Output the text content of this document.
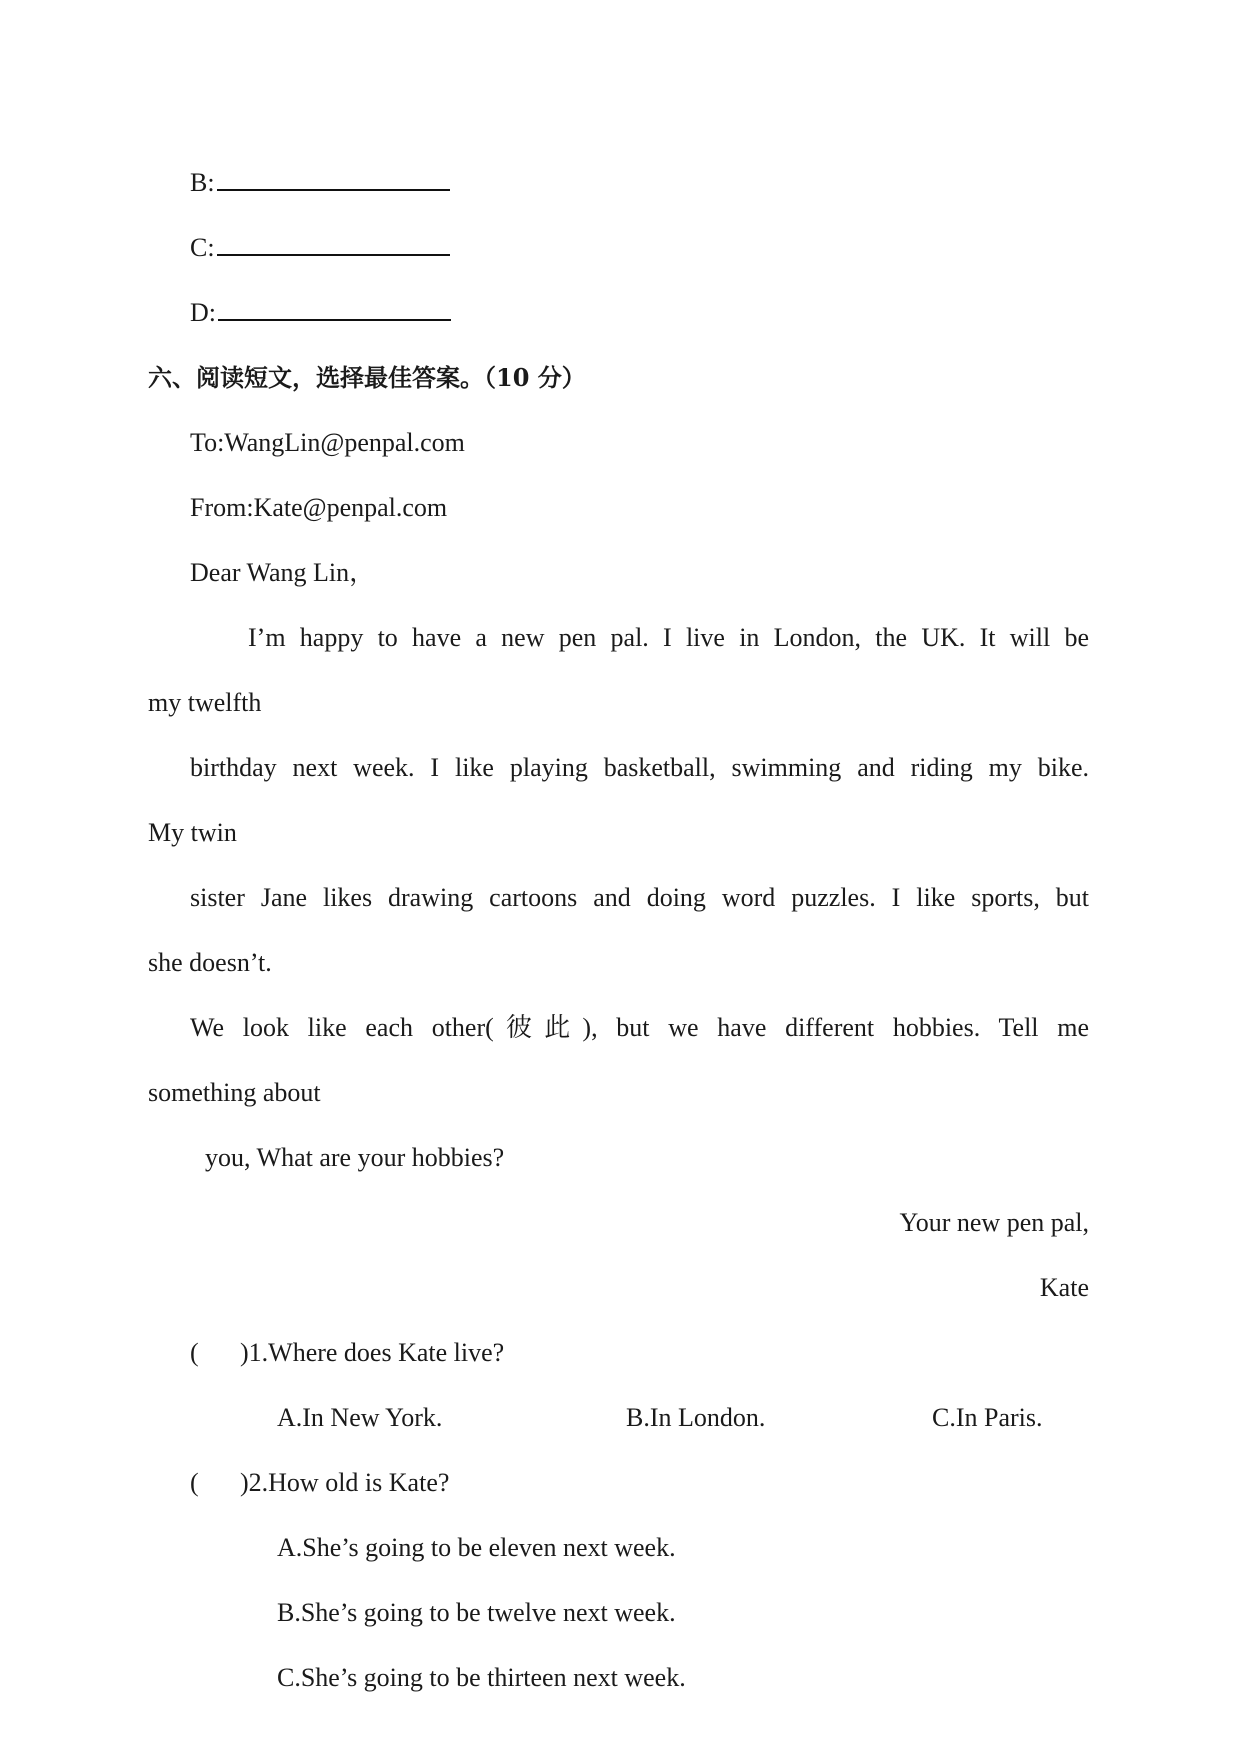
B:
C:
D:
六、阅读短文，选择最佳答案。（10 分）
To:WangLin@penpal.com
From:Kate@penpal.com
Dear Wang Lin，
I’m happy to have a new pen pal. I live in London, the UK. It will be
my twelfth
birthday next week. I like playing basketball, swimming and riding my bike.
My twin
sister Jane likes drawing cartoons and doing word puzzles. I like sports, but
she doesn’t.
We look like each other(彼此), but we have different hobbies. Tell me
something about
you, What are your hobbies?
Your new pen pal,
Kate
( )1.Where does Kate live?
A.In New York.	B.In London.	C.In Paris.
( )2.How old is Kate?
A.She’s going to be eleven next week.
B.She’s going to be twelve next week.
C.She’s going to be thirteen next week.
